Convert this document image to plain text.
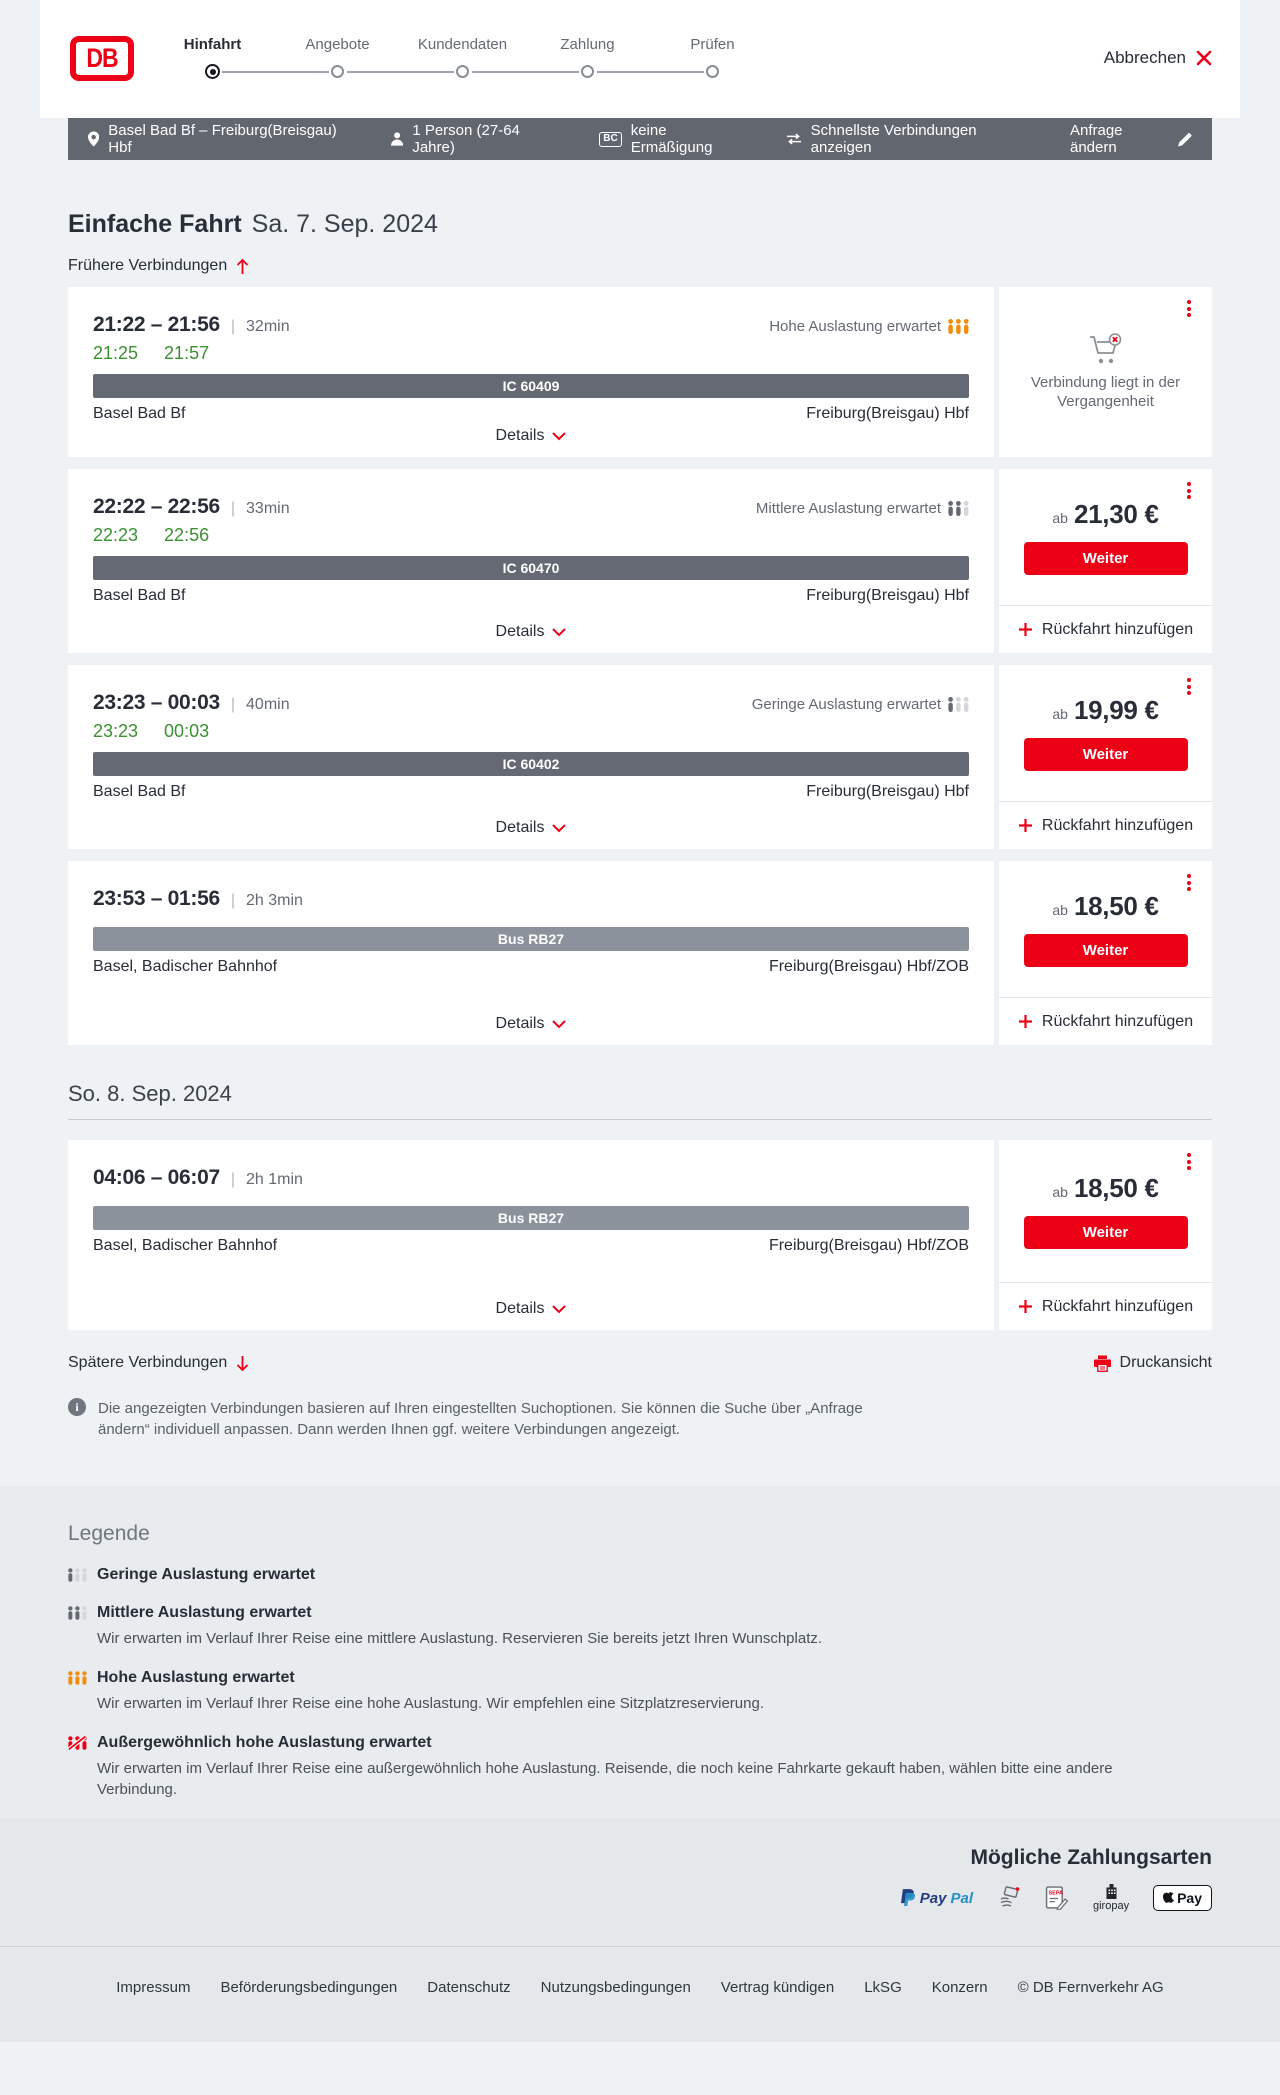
DB	Hinfahrt	Angebote	Kundendaten	Zahlung	Prüfen
Abbrechen
Basel Bad Bf – Freiburg(Breisgau) Hbf
1 Person (27-64 Jahre)
BC keine Ermäßigung
Schnellste Verbindungen anzeigen
Anfrage ändern
Einfache Fahrt Sa. 7. Sep. 2024
Frühere Verbindungen
21:22 – 21:56 | 32min	Hohe Auslastung erwartet
21:25 21:57
IC 60409
Basel Bad Bf	Freiburg(Breisgau) Hbf
Details
Verbindung liegt in der Vergangenheit
22:22 – 22:56 | 33min	Mittlere Auslastung erwartet
22:23 22:56
IC 60470
Basel Bad Bf	Freiburg(Breisgau) Hbf
Details
ab 21,30 €
Weiter
Rückfahrt hinzufügen
23:23 – 00:03 | 40min	Geringe Auslastung erwartet
23:23 00:03
IC 60402
Basel Bad Bf	Freiburg(Breisgau) Hbf
Details
ab 19,99 €
Weiter
Rückfahrt hinzufügen
23:53 – 01:56 | 2h 3min
Bus RB27
Basel, Badischer Bahnhof	Freiburg(Breisgau) Hbf/ZOB
Details
ab 18,50 €
Weiter
Rückfahrt hinzufügen
So. 8. Sep. 2024
04:06 – 06:07 | 2h 1min
Bus RB27
Basel, Badischer Bahnhof	Freiburg(Breisgau) Hbf/ZOB
Details
ab 18,50 €
Weiter
Rückfahrt hinzufügen
Spätere Verbindungen	Druckansicht
i	Die angezeigten Verbindungen basieren auf Ihren eingestellten Suchoptionen. Sie können die Suche über „Anfrage ändern“ individuell anpassen. Dann werden Ihnen ggf. weitere Verbindungen angezeigt.

Legende
Geringe Auslastung erwartet
Mittlere Auslastung erwartet

Wir erwarten im Verlauf Ihrer Reise eine mittlere Auslastung. Reservieren Sie bereits jetzt Ihren Wunschplatz.

Hohe Auslastung erwartet

Wir erwarten im Verlauf Ihrer Reise eine hohe Auslastung. Wir empfehlen eine Sitzplatzreservierung.

Außergewöhnlich hohe Auslastung erwartet

Wir erwarten im Verlauf Ihrer Reise eine außergewöhnlich hohe Auslastung. Reisende, die noch keine Fahrkarte gekauft haben, wählen bitte eine andere Verbindung.

Mögliche Zahlungsarten
Pay Pal	SEPA
giropay	Pay
Impressum Beförderungsbedingungen Datenschutz Nutzungsbedingungen Vertrag kündigen LkSG Konzern © DB Fernverkehr AG
